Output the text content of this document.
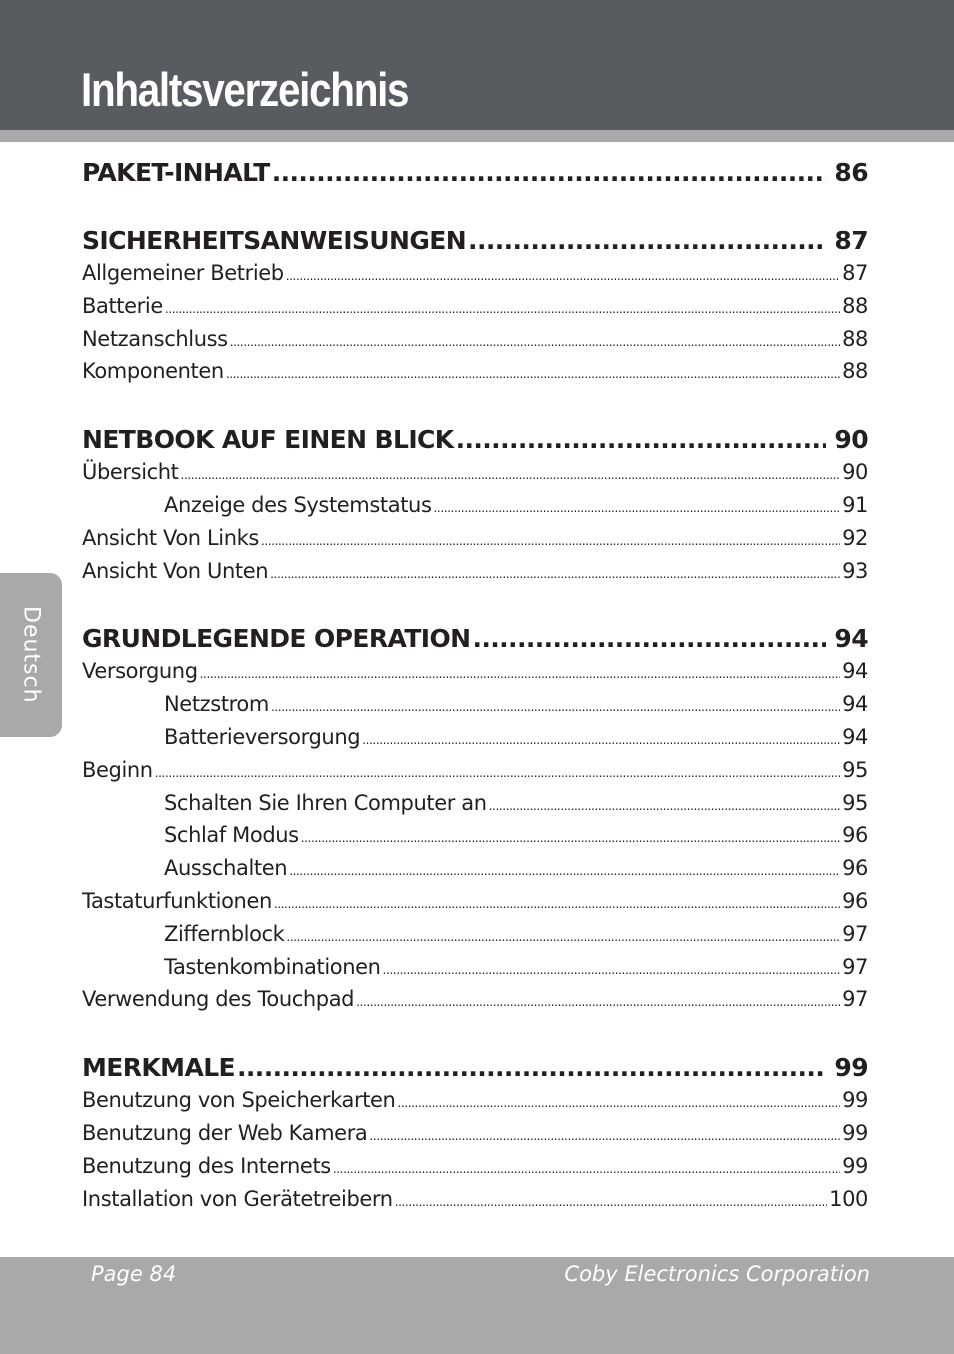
Inhaltsverzeichnis
Deutsch
PAKET-INHALT .....	86
SICHERHEITSANWEISUNGEN .....	87
Allgemeiner Betrieb .....	87
Batterie .....	88
Netzanschluss .....	88
Komponenten .....	88
NETBOOK AUF EINEN BLICK .....	90
Übersicht .....	90
Anzeige des Systemstatus .....	91
Ansicht Von Links .....	92
Ansicht Von Unten .....	93
GRUNDLEGENDE OPERATION .....	94
Versorgung .....	94
Netzstrom .....	94
Batterieversorgung .....	94
Beginn .....	95
Schalten Sie Ihren Computer an .....	95
Schlaf Modus .....	96
Ausschalten .....	96
Tastaturfunktionen .....	96
Ziffernblock .....	97
Tastenkombinationen .....	97
Verwendung des Touchpad .....	97
MERKMALE .....	99
Benutzung von Speicherkarten .....	99
Benutzung der Web Kamera .....	99
Benutzung des Internets .....	99
Installation von Gerätetreibern .....	100
Page 84	Coby Electronics Corporation
